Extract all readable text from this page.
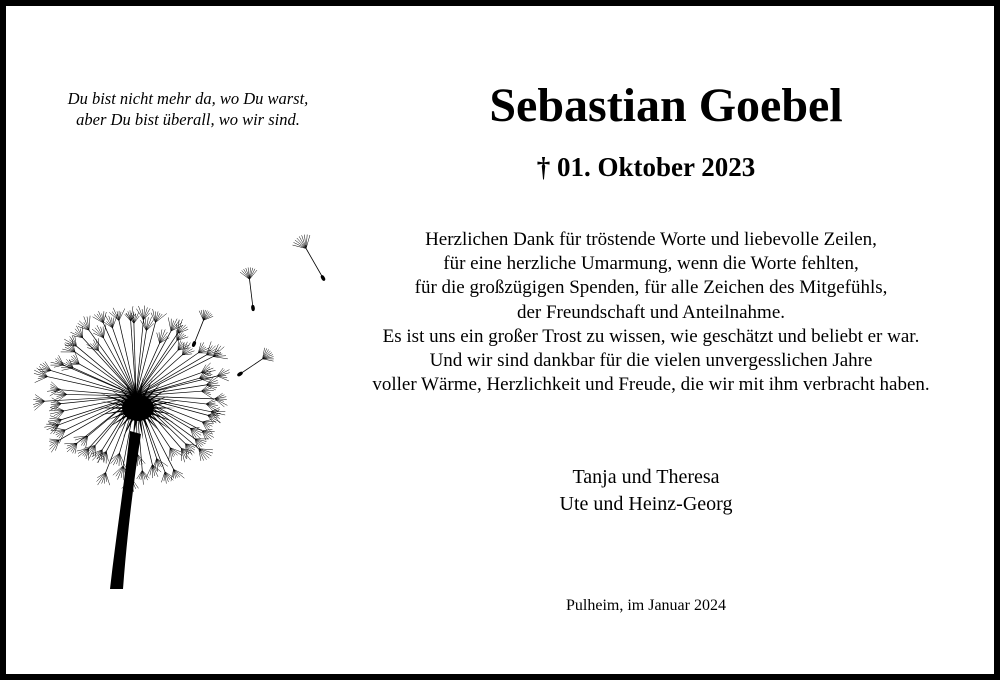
Du bist nicht mehr da, wo Du warst,
aber Du bist überall, wo wir sind.	Sebastian Goebel
† 01. Oktober 2023
Herzlichen Dank für tröstende Worte und liebevolle Zeilen,
für eine herzliche Umarmung, wenn die Worte fehlten,
für die großzügigen Spenden, für alle Zeichen des Mitgefühls,
der Freundschaft und Anteilnahme.
Es ist uns ein großer Trost zu wissen, wie geschätzt und beliebt er war.
Und wir sind dankbar für die vielen unvergesslichen Jahre
voller Wärme, Herzlichkeit und Freude, die wir mit ihm verbracht haben.
Tanja und Theresa
Ute und Heinz-Georg
Pulheim, im Januar 2024
